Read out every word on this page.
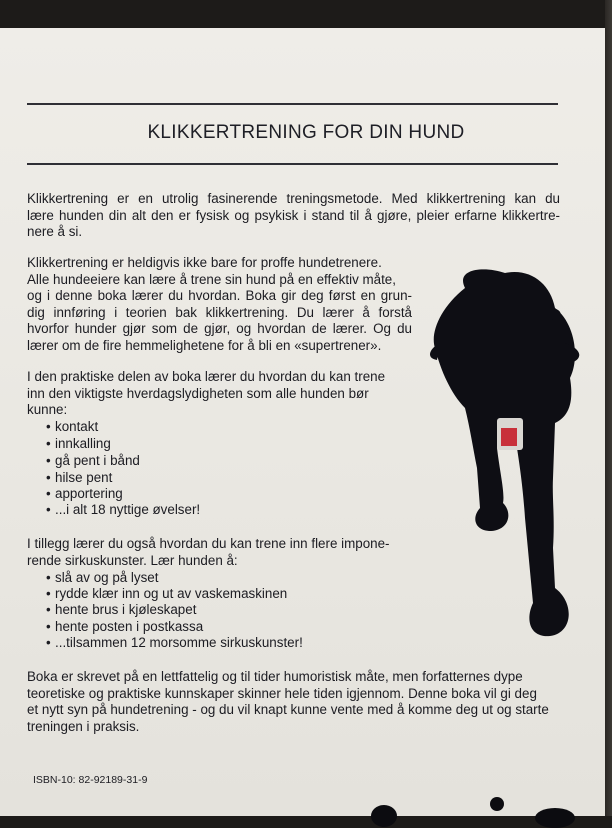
KLIKKERTRENING FOR DIN HUND
Klikkertrening er en utrolig fasinerende treningsmetode. Med klikkertrening kan du
lære hunden din alt den er fysisk og psykisk i stand til å gjøre, pleier erfarne klikkertre-
nere å si.
Klikkertrening er heldigvis ikke bare for proffe hundetrenere.
Alle hundeeiere kan lære å trene sin hund på en effektiv måte,
og i denne boka lærer du hvordan. Boka gir deg først en grun-
dig innføring i teorien bak klikkertrening. Du lærer å forstå
hvorfor hunder gjør som de gjør, og hvordan de lærer. Og du
lærer om de fire hemmelighetene for å bli en «supertrener».
I den praktiske delen av boka lærer du hvordan du kan trene
inn den viktigste hverdagslydigheten som alle hunden bør
kunne:
• kontakt
• innkalling
• gå pent i bånd
• hilse pent
• apportering
• ...i alt 18 nyttige øvelser!
I tillegg lærer du også hvordan du kan trene inn flere impone-
rende sirkuskunster. Lær hunden å:
• slå av og på lyset
• rydde klær inn og ut av vaskemaskinen
• hente brus i kjøleskapet
• hente posten i postkassa
• ...tilsammen 12 morsomme sirkuskunster!
Boka er skrevet på en lettfattelig og til tider humoristisk måte, men forfatternes dype
teoretiske og praktiske kunnskaper skinner hele tiden igjennom. Denne boka vil gi deg
et nytt syn på hundetrening - og du vil knapt kunne vente med å komme deg ut og starte
treningen i praksis.
ISBN-10: 82-92189-31-9
